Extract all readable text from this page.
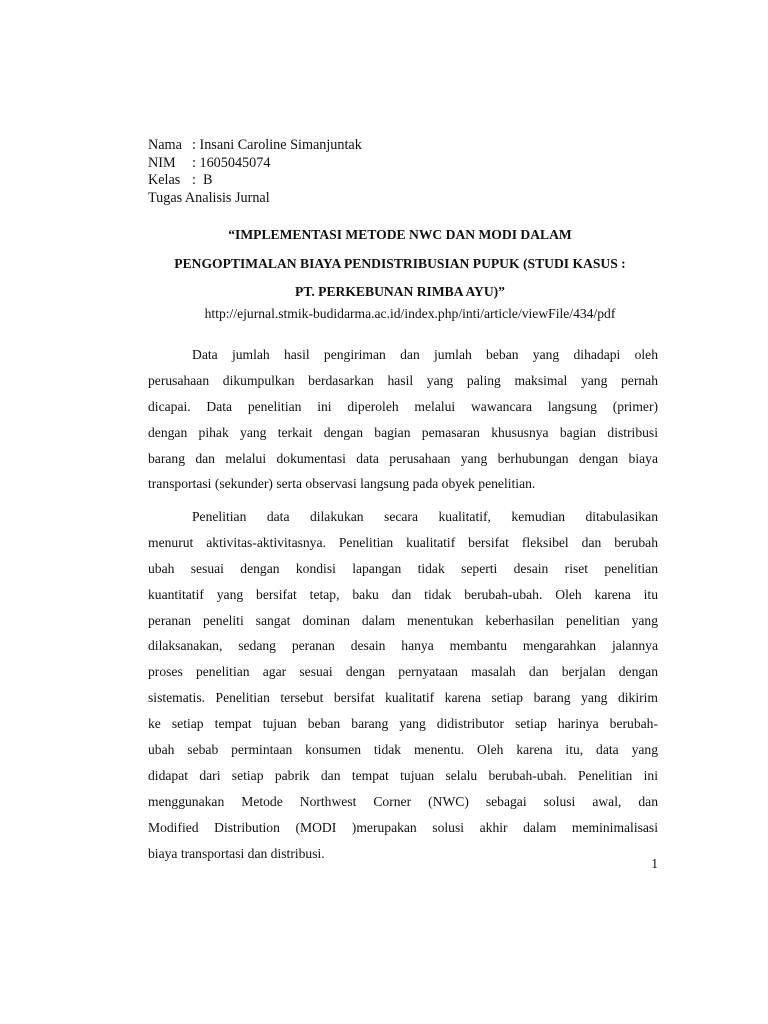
Nama : Insani Caroline Simanjuntak
NIM	: 1605045074
Kelas :  B
Tugas Analisis Jurnal
“IMPLEMENTASI METODE NWC DAN MODI DALAM
PENGOPTIMALAN BIAYA PENDISTRIBUSIAN PUPUK (STUDI KASUS :
PT. PERKEBUNAN RIMBA AYU)”
http://ejurnal.stmik-budidarma.ac.id/index.php/inti/article/viewFile/434/pdf
Data jumlah hasil pengiriman dan jumlah beban yang dihadapi oleh
perusahaan dikumpulkan berdasarkan hasil yang paling maksimal yang pernah
dicapai. Data penelitian ini diperoleh melalui wawancara langsung (primer)
dengan pihak yang terkait dengan bagian pemasaran khususnya bagian distribusi
barang dan melalui dokumentasi data perusahaan yang berhubungan dengan biaya
transportasi (sekunder) serta observasi langsung pada obyek penelitian.
Penelitian data dilakukan secara kualitatif, kemudian ditabulasikan
menurut aktivitas-aktivitasnya. Penelitian kualitatif bersifat fleksibel dan berubah
ubah sesuai dengan kondisi lapangan tidak seperti desain riset penelitian
kuantitatif yang bersifat tetap, baku dan tidak berubah-ubah. Oleh karena itu
peranan peneliti sangat dominan dalam menentukan keberhasilan penelitian yang
dilaksanakan, sedang peranan desain hanya membantu mengarahkan jalannya
proses penelitian agar sesuai dengan pernyataan masalah dan berjalan dengan
sistematis. Penelitian tersebut bersifat kualitatif karena setiap barang yang dikirim
ke setiap tempat tujuan beban barang yang didistributor setiap harinya berubah-
ubah sebab permintaan konsumen tidak menentu. Oleh karena itu, data yang
didapat dari setiap pabrik dan tempat tujuan selalu berubah-ubah. Penelitian ini
menggunakan Metode Northwest Corner (NWC) sebagai solusi awal, dan
Modified Distribution (MODI )merupakan solusi akhir dalam meminimalisasi
biaya transportasi dan distribusi.
1
